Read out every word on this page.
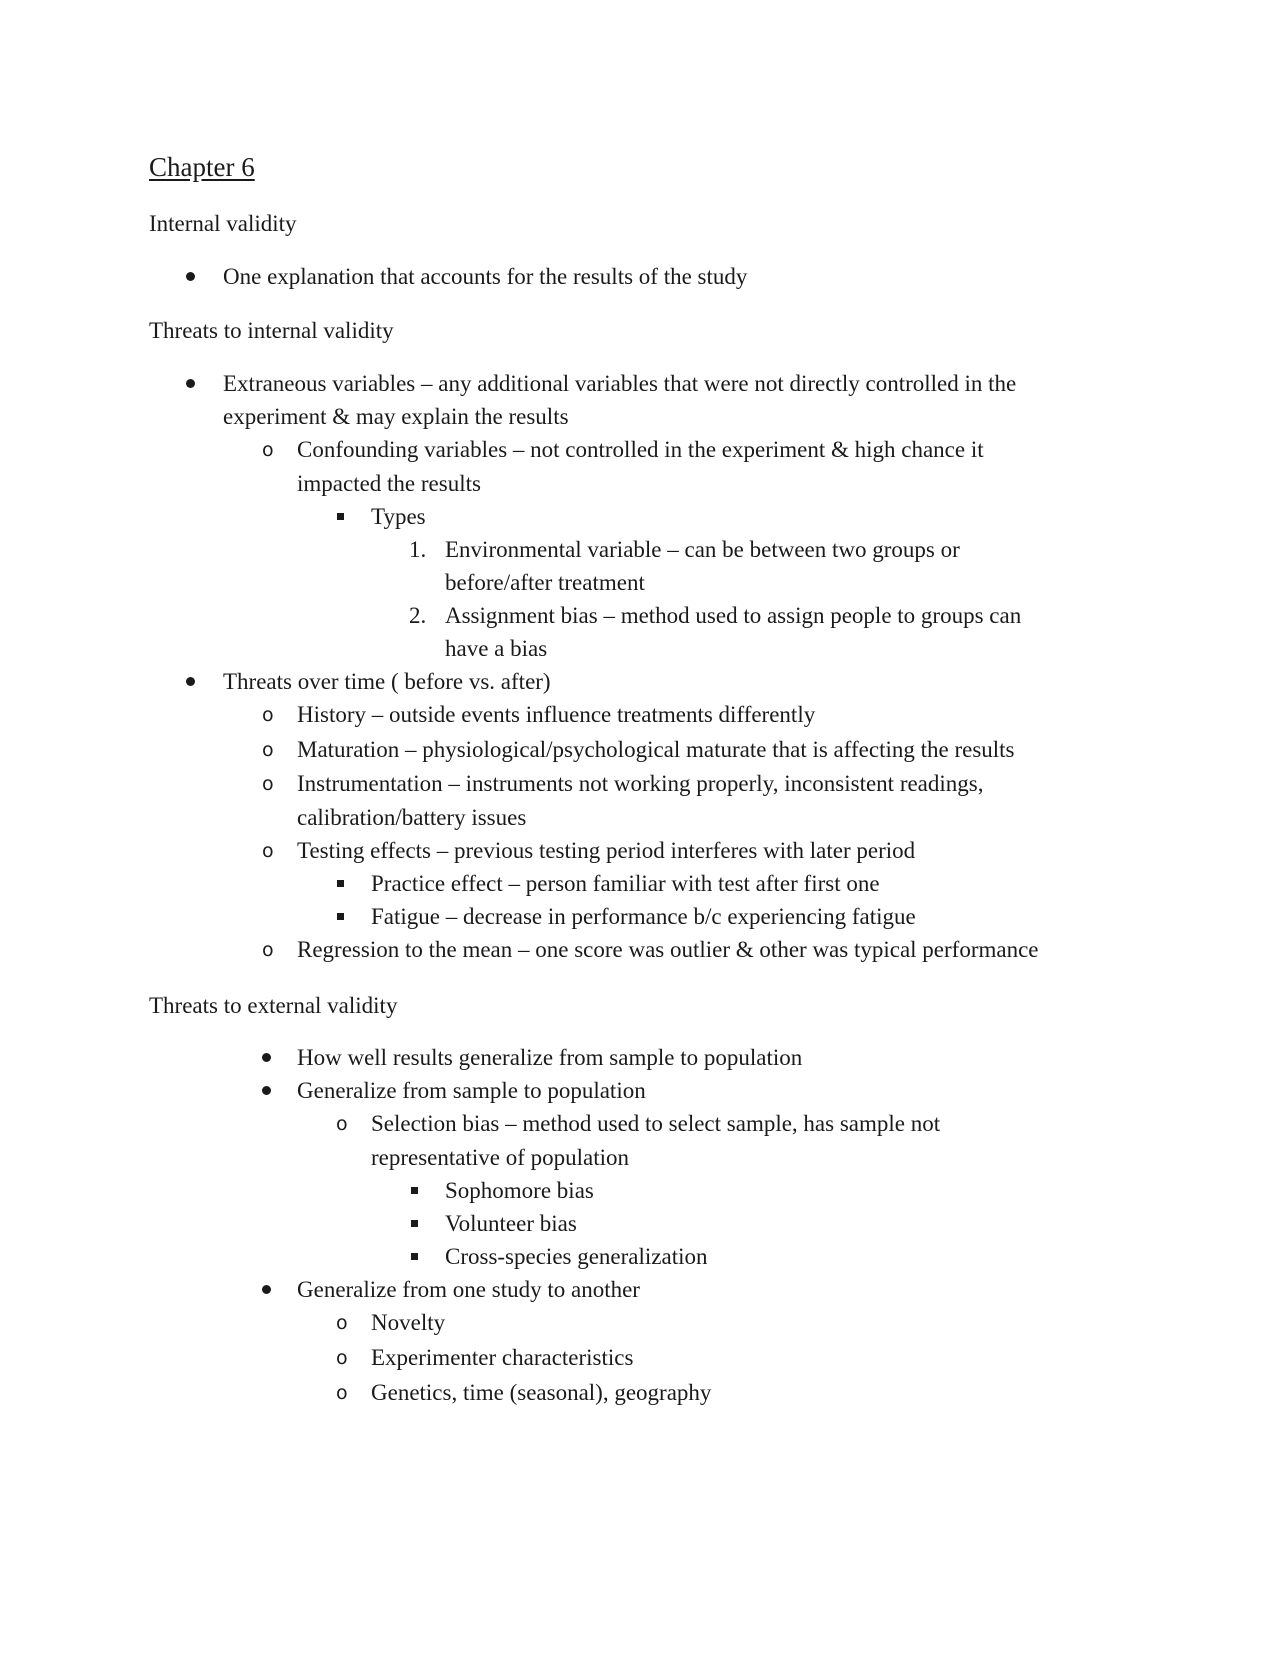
Chapter 6
Internal validity
One explanation that accounts for the results of the study
Threats to internal validity
Extraneous variables – any additional variables that were not directly controlled in the
experiment & may explain the results
o Confounding variables – not controlled in the experiment & high chance it
impacted the results
Types
1. Environmental variable – can be between two groups or
before/after treatment
2. Assignment bias – method used to assign people to groups can
have a bias
Threats over time ( before vs. after)
o History – outside events influence treatments differently
o Maturation – physiological/psychological maturate that is affecting the results
o Instrumentation – instruments not working properly, inconsistent readings,
calibration/battery issues
o Testing effects – previous testing period interferes with later period
Practice effect – person familiar with test after first one
Fatigue – decrease in performance b/c experiencing fatigue
o Regression to the mean – one score was outlier & other was typical performance
Threats to external validity
How well results generalize from sample to population
Generalize from sample to population
o Selection bias – method used to select sample, has sample not
representative of population
Sophomore bias
Volunteer bias
Cross-species generalization
Generalize from one study to another
o Novelty
o Experimenter characteristics
o Genetics, time (seasonal), geography
